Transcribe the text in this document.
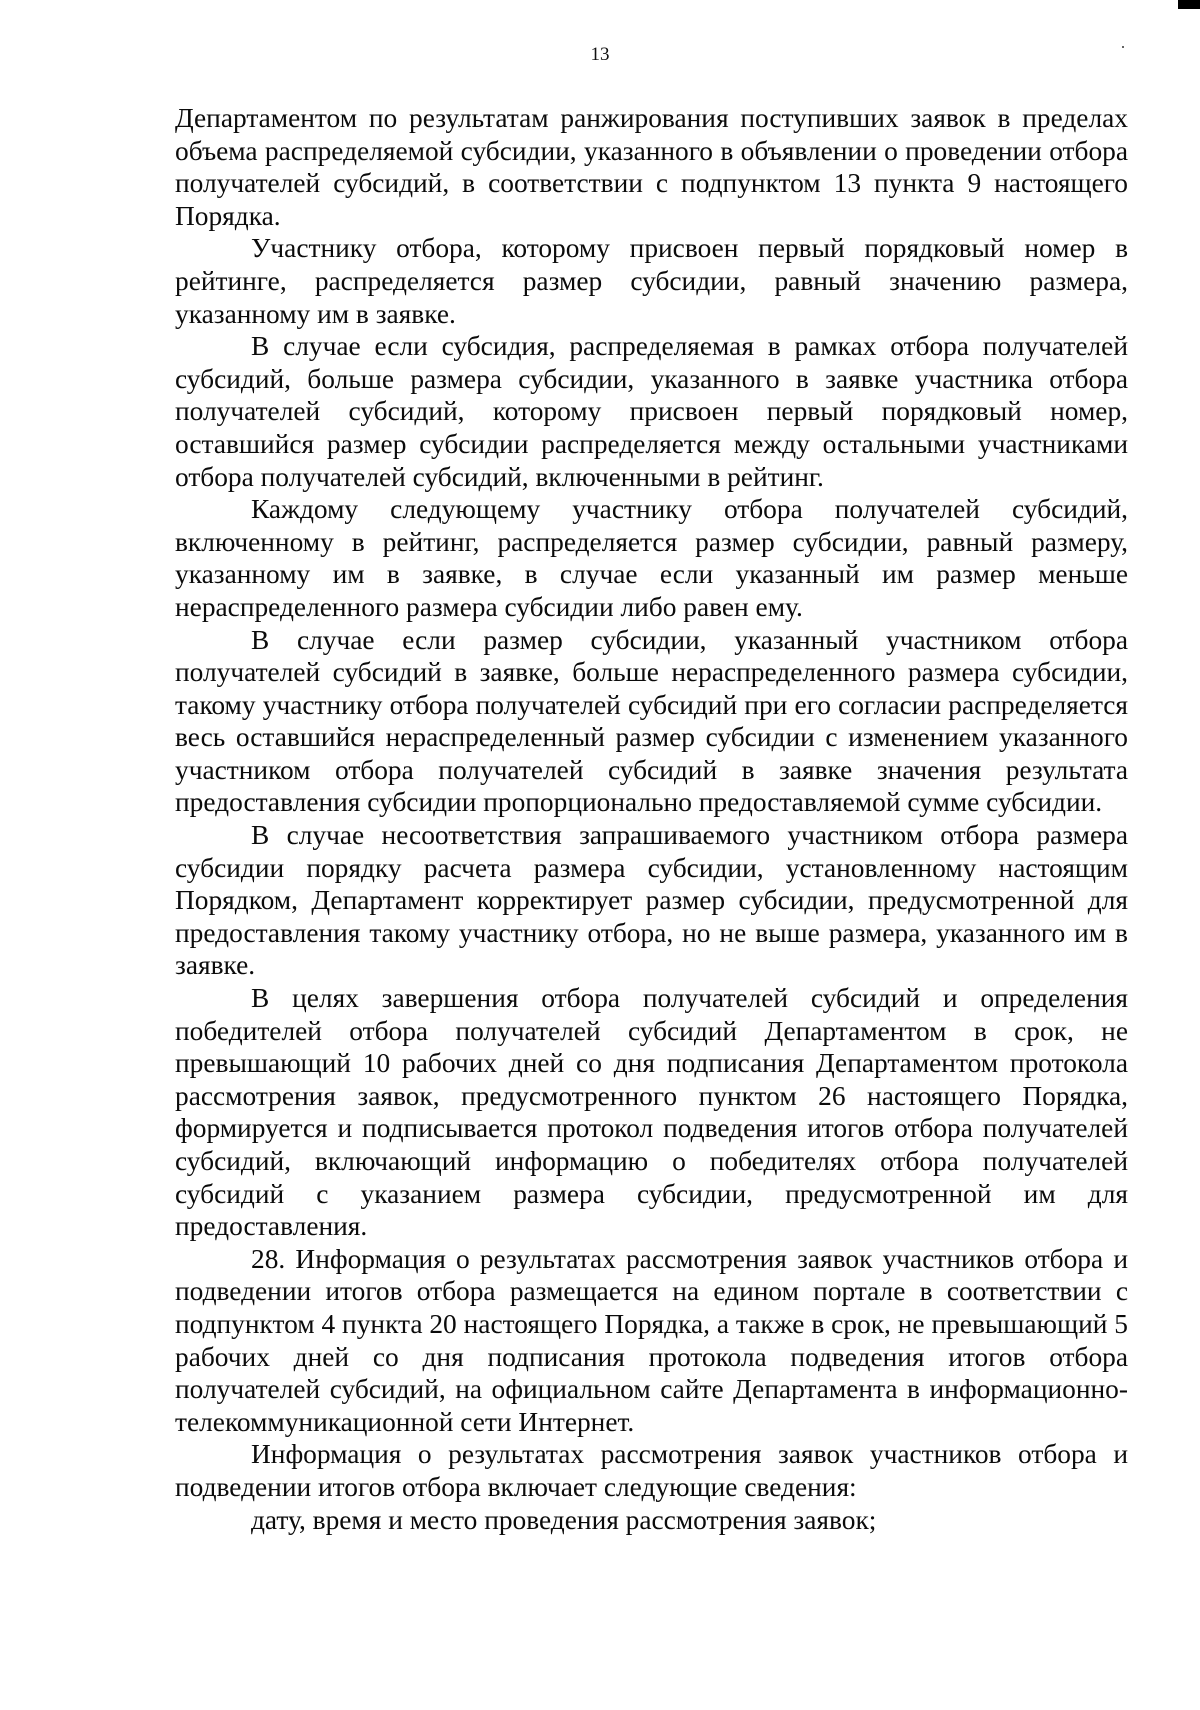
13

Департаментом по результатам ранжирования поступивших заявок в пределах объема распределяемой субсидии, указанного в объявлении о проведении отбора получателей субсидий, в соответствии с подпунктом 13 пункта 9 настоящего Порядка.

Участнику отбора, которому присвоен первый порядковый номер в рейтинге, распределяется размер субсидии, равный значению размера, указанному им в заявке.

В случае если субсидия, распределяемая в рамках отбора получателей субсидий, больше размера субсидии, указанного в заявке участника отбора получателей субсидий, которому присвоен первый порядковый номер, оставшийся размер субсидии распределяется между остальными участниками отбора получателей субсидий, включенными в рейтинг.

Каждому следующему участнику отбора получателей субсидий, включенному в рейтинг, распределяется размер субсидии, равный размеру, указанному им в заявке, в случае если указанный им размер меньше нераспределенного размера субсидии либо равен ему.

В случае если размер субсидии, указанный участником отбора получателей субсидий в заявке, больше нераспределенного размера субсидии, такому участнику отбора получателей субсидий при его согласии распределяется весь оставшийся нераспределенный размер субсидии с изменением указанного участником отбора получателей субсидий в заявке значения результата предоставления субсидии пропорционально предоставляемой сумме субсидии.

В случае несоответствия запрашиваемого участником отбора размера субсидии порядку расчета размера субсидии, установленному настоящим Порядком, Департамент корректирует размер субсидии, предусмотренной для предоставления такому участнику отбора, но не выше размера, указанного им в заявке.

В целях завершения отбора получателей субсидий и определения победителей отбора получателей субсидий Департаментом в срок, не превышающий 10 рабочих дней со дня подписания Департаментом протокола рассмотрения заявок, предусмотренного пунктом 26 настоящего Порядка, формируется и подписывается протокол подведения итогов отбора получателей субсидий, включающий информацию о победителях отбора получателей субсидий с указанием размера субсидии, предусмотренной им для предоставления.

28. Информация о результатах рассмотрения заявок участников отбора и подведении итогов отбора размещается на едином портале в соответствии с подпунктом 4 пункта 20 настоящего Порядка, а также в срок, не превышающий 5 рабочих дней со дня подписания протокола подведения итогов отбора получателей субсидий, на официальном сайте Департамента в информационно-телекоммуникационной сети Интернет.

Информация о результатах рассмотрения заявок участников отбора и подведении итогов отбора включает следующие сведения:

дату, время и место проведения рассмотрения заявок;
